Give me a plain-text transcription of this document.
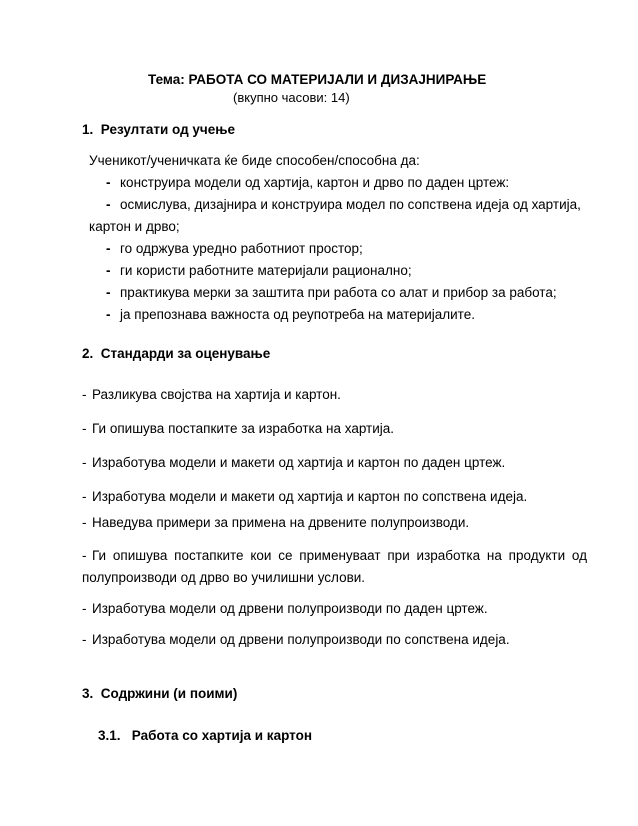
Тема: РАБОТА СО МАТЕРИЈАЛИ И ДИЗАЈНИРАЊЕ
(вкупно часови: 14)
1. Резултати од учење
Ученикот/ученичката ќе биде способен/способна да:
- конструира модели од хартија, картон и дрво по даден цртеж:
- осмислува, дизајнира и конструира модел по сопствена идеја од хартија,
картон и дрво;
- го одржува уредно работниот простор;
- ги користи работните материјали рационално;
- практикува мерки за заштита при работа со алат и прибор за работа;
- ја препознава важноста од реупотреба на материјалите.
2. Стандарди за оценување
- Разликува својства на хартија и картон.
- Ги опишува постапките за изработка на хартија.
- Изработува модели и макети од хартија и картон по даден цртеж.
- Изработува модели и макети од хартија и картон по сопствена идеја.
- Наведува примери за примена на дрвените полупроизводи.
- Ги опишува постапките кои се применуваат при изработка на продукти од
полупроизводи од дрво во училишни услови.
- Изработува модели од дрвени полупроизводи по даден цртеж.
- Изработува модели од дрвени полупроизводи по сопствена идеја.
3. Содржини (и поими)
3.1. Работа со хартија и картон
